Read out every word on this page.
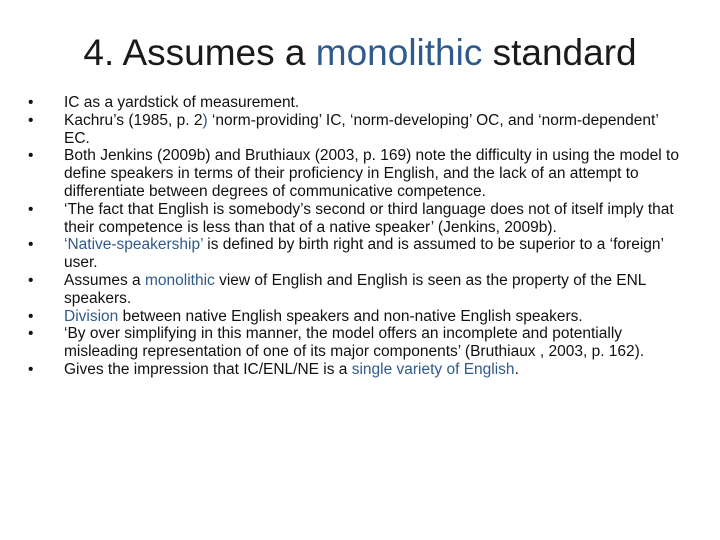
4. Assumes a monolithic standard
•	IC as a yardstick of measurement.
•	Kachru’s (1985, p. 2) ‘norm-providing’ IC, ‘norm-developing’ OC, and ‘norm-dependent’ EC.
•	Both Jenkins (2009b) and Bruthiaux (2003, p. 169) note the difficulty in using the model to define speakers in terms of their proficiency in English, and the lack of an attempt to differentiate between degrees of communicative competence.
•	‘The fact that English is somebody’s second or third language does not of itself imply that their competence is less than that of a native speaker’ (Jenkins, 2009b).
•	‘Native-speakership’ is defined by birth right and is assumed to be superior to a ‘foreign’ user.
•	Assumes a monolithic view of English and English is seen as the property of the ENL speakers.
•	Division between native English speakers and non-native English speakers.
•	‘By over simplifying in this manner, the model offers an incomplete and potentially misleading representation of one of its major components’ (Bruthiaux , 2003, p. 162).
•	Gives the impression that IC/ENL/NE is a single variety of English.
